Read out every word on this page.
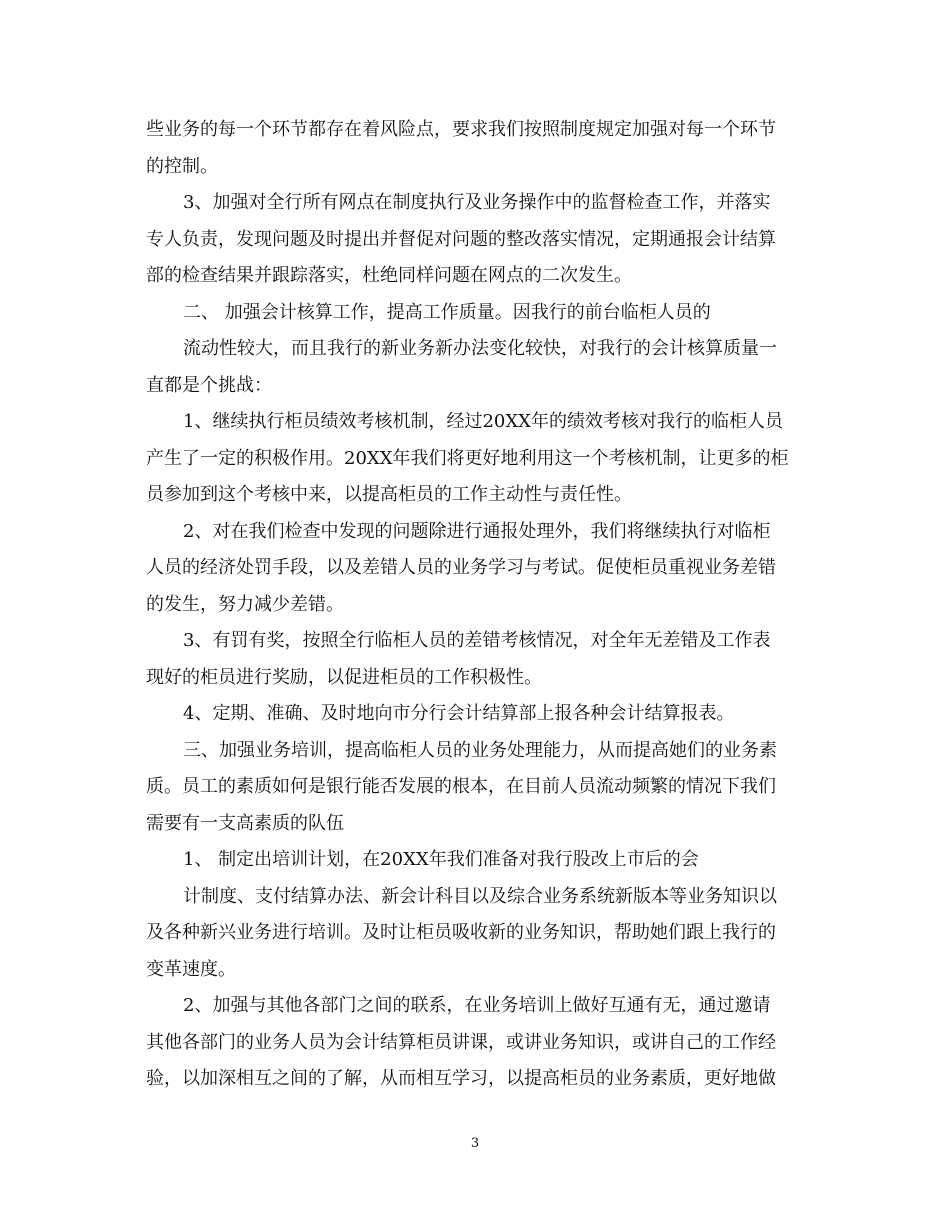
些业务的每一个环节都存在着风险点，要求我们按照制度规定加强对每一个环节
的控制。
3、加强对全行所有网点在制度执行及业务操作中的监督检查工作，并落实
专人负责，发现问题及时提出并督促对问题的整改落实情况，定期通报会计结算
部的检查结果并跟踪落实，杜绝同样问题在网点的二次发生。
二、 加强会计核算工作，提高工作质量。因我行的前台临柜人员的
流动性较大，而且我行的新业务新办法变化较快，对我行的会计核算质量一
直都是个挑战：
1、继续执行柜员绩效考核机制，经过20XX年的绩效考核对我行的临柜人员
产生了一定的积极作用。20XX年我们将更好地利用这一个考核机制，让更多的柜
员参加到这个考核中来，以提高柜员的工作主动性与责任性。
2、对在我们检查中发现的问题除进行通报处理外，我们将继续执行对临柜
人员的经济处罚手段，以及差错人员的业务学习与考试。促使柜员重视业务差错
的发生，努力减少差错。
3、有罚有奖，按照全行临柜人员的差错考核情况，对全年无差错及工作表
现好的柜员进行奖励，以促进柜员的工作积极性。
4、定期、准确、及时地向市分行会计结算部上报各种会计结算报表。
三、加强业务培训，提高临柜人员的业务处理能力，从而提高她们的业务素
质。员工的素质如何是银行能否发展的根本，在目前人员流动频繁的情况下我们
需要有一支高素质的队伍
1、 制定出培训计划，在20XX年我们准备对我行股改上市后的会
计制度、支付结算办法、新会计科目以及综合业务系统新版本等业务知识以
及各种新兴业务进行培训。及时让柜员吸收新的业务知识，帮助她们跟上我行的
变革速度。
2、加强与其他各部门之间的联系，在业务培训上做好互通有无，通过邀请
其他各部门的业务人员为会计结算柜员讲课，或讲业务知识，或讲自己的工作经
验，以加深相互之间的了解，从而相互学习，以提高柜员的业务素质，更好地做
3
